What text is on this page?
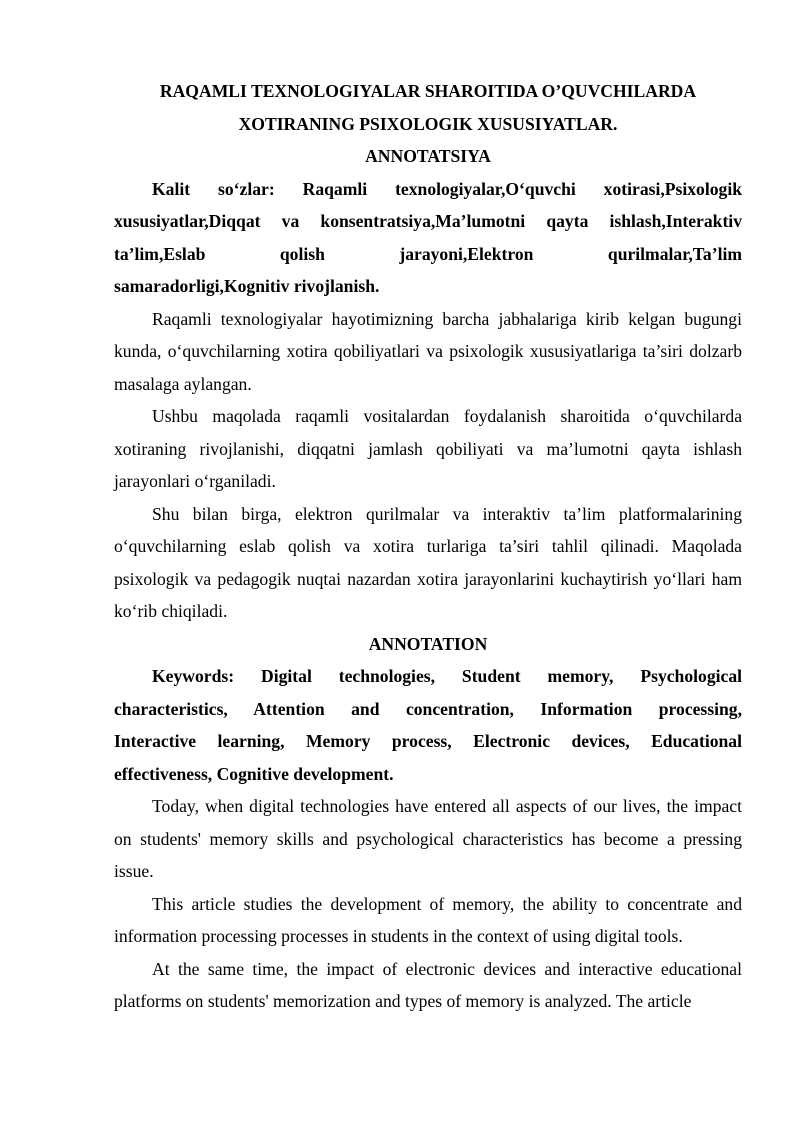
RAQAMLI TEXNOLOGIYALAR SHAROITIDA O’QUVCHILARDA

XOTIRANING PSIXOLOGIK XUSUSIYATLAR.

ANNOTATSIYA

Kalit so‘zlar: Raqamli texnologiyalar,O‘quvchi xotirasi,Psixologik
xususiyatlar,Diqqat va konsentratsiya,Ma’lumotni qayta ishlash,Interaktiv
ta’lim,Eslab qolish jarayoni,Elektron qurilmalar,Ta’lim
samaradorligi,Kognitiv rivojlanish.

Raqamli texnologiyalar hayotimizning barcha jabhalariga kirib kelgan bugungi kunda, o‘quvchilarning xotira qobiliyatlari va psixologik xususiyatlariga ta’siri dolzarb masalaga aylangan.

Ushbu maqolada raqamli vositalardan foydalanish sharoitida o‘quvchilarda xotiraning rivojlanishi, diqqatni jamlash qobiliyati va ma’lumotni qayta ishlash jarayonlari o‘rganiladi.

Shu bilan birga, elektron qurilmalar va interaktiv ta’lim platformalarining o‘quvchilarning eslab qolish va xotira turlariga ta’siri tahlil qilinadi. Maqolada psixologik va pedagogik nuqtai nazardan xotira jarayonlarini kuchaytirish yo‘llari ham ko‘rib chiqiladi.

ANNOTATION

Keywords: Digital technologies, Student memory, Psychological
characteristics, Attention and concentration, Information processing,
Interactive learning, Memory process, Electronic devices, Educational
effectiveness, Cognitive development.

Today, when digital technologies have entered all aspects of our lives, the impact on students' memory skills and psychological characteristics has become a pressing issue.

This article studies the development of memory, the ability to concentrate and information processing processes in students in the context of using digital tools.

At the same time, the impact of electronic devices and interactive educational platforms on students' memorization and types of memory is analyzed. The article
